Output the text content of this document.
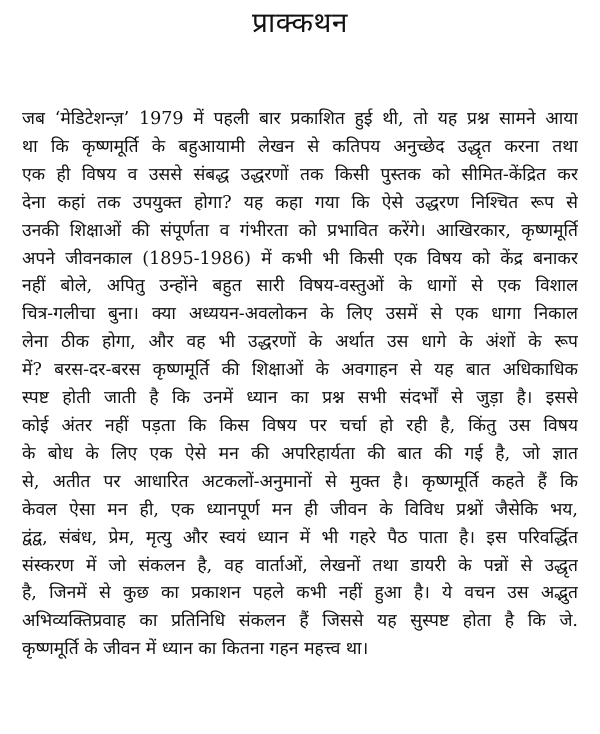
प्राक्कथन
जब ‘मेडिटेशन्ज़’ 1979 में पहली बार प्रकाशित हुई थी, तो यह प्रश्न सामने आया
था कि कृष्णमूर्ति के बहुआयामी लेखन से कतिपय अनुच्छेद उद्धृत करना तथा
एक ही विषय व उससे संबद्ध उद्धरणों तक किसी पुस्तक को सीमित-केंद्रित कर
देना कहां तक उपयुक्त होगा? यह कहा गया कि ऐसे उद्धरण निश्चित रूप से
उनकी शिक्षाओं की संपूर्णता व गंभीरता को प्रभावित करेंगे। आखिरकार, कृष्णमूर्ति
अपने जीवनकाल (1895-1986) में कभी भी किसी एक विषय को केंद्र बनाकर
नहीं बोले, अपितु उन्होंने बहुत सारी विषय-वस्तुओं के धागों से एक विशाल
चित्र-गलीचा बुना। क्या अध्ययन-अवलोकन के लिए उसमें से एक धागा निकाल
लेना ठीक होगा, और वह भी उद्धरणों के अर्थात उस धागे के अंशों के रूप
में? बरस-दर-बरस कृष्णमूर्ति की शिक्षाओं के अवगाहन से यह बात अधिकाधिक
स्पष्ट होती जाती है कि उनमें ध्यान का प्रश्न सभी संदर्भों से जुड़ा है। इससे
कोई अंतर नहीं पड़ता कि किस विषय पर चर्चा हो रही है, किंतु उस विषय
के बोध के लिए एक ऐसे मन की अपरिहार्यता की बात की गई है, जो ज्ञात
से, अतीत पर आधारित अटकलों-अनुमानों से मुक्त है। कृष्णमूर्ति कहते हैं कि
केवल ऐसा मन ही, एक ध्यानपूर्ण मन ही जीवन के विविध प्रश्नों जैसेकि भय,
द्वंद्व, संबंध, प्रेम, मृत्यु और स्वयं ध्यान में भी गहरे पैठ पाता है। इस परिवर्द्धित
संस्करण में जो संकलन है, वह वार्ताओं, लेखनों तथा डायरी के पन्नों से उद्धृत
है, जिनमें से कुछ का प्रकाशन पहले कभी नहीं हुआ है। ये वचन उस अद्भुत
अभिव्यक्तिप्रवाह का प्रतिनिधि संकलन हैं जिससे यह सुस्पष्ट होता है कि जे.
कृष्णमूर्ति के जीवन में ध्यान का कितना गहन महत्त्व था।
